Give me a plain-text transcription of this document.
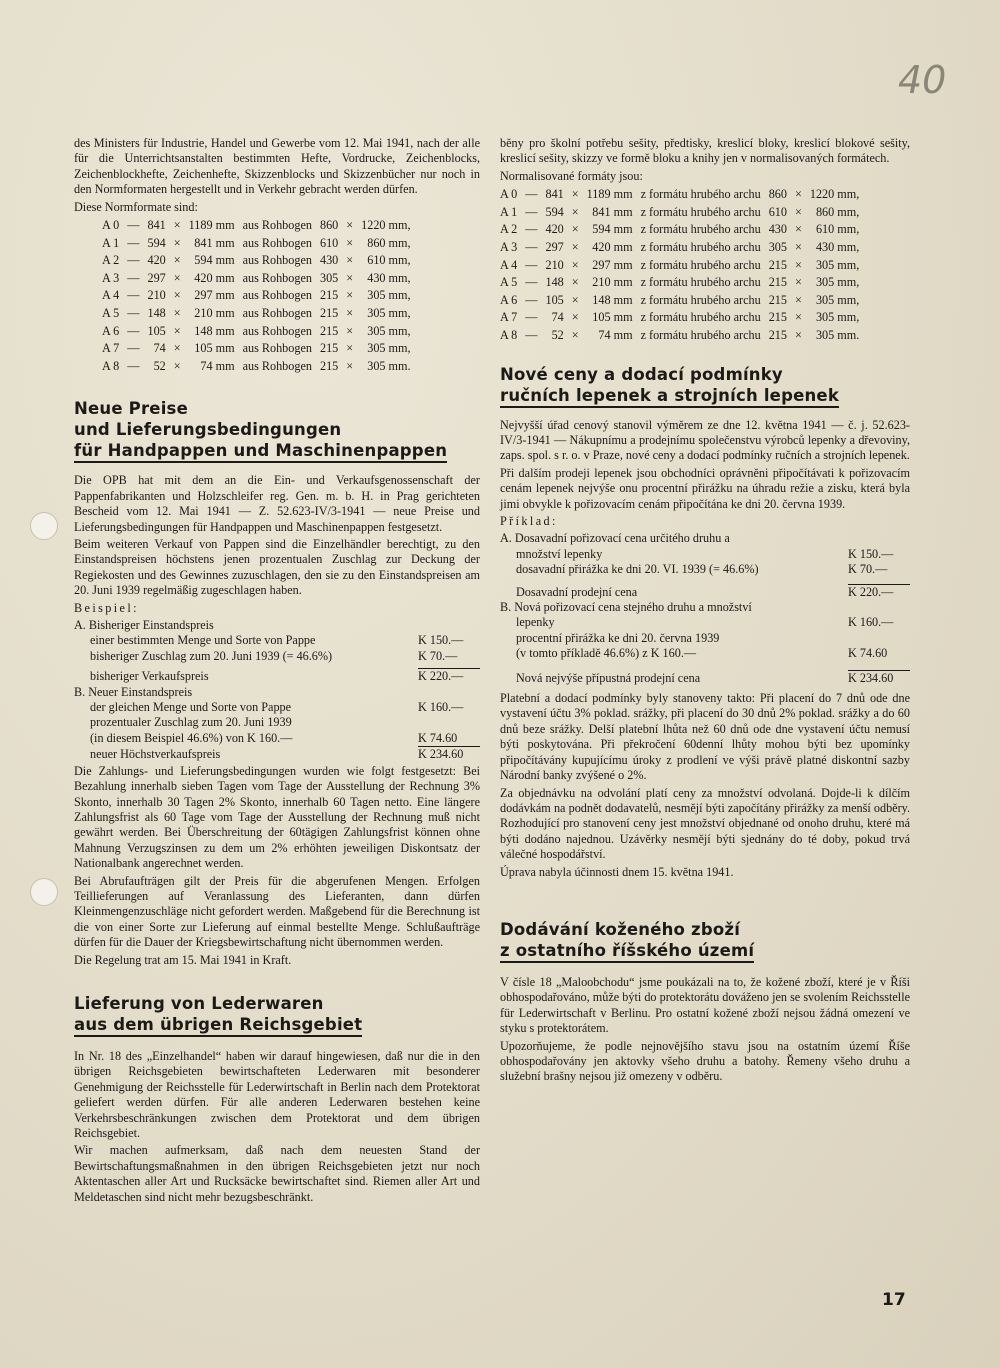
40

des Ministers für Industrie, Handel und Gewerbe vom 12. Mai 1941, nach der alle für die Unterrichtsanstalten bestimmten Hefte, Vordrucke, Zeichenblocks, Zeichenblockhefte, Zeichenhefte, Skizzenblocks und Skizzenbücher nur noch in den Normformaten hergestellt und in Verkehr gebracht werden dürfen.

Diese Normformate sind:

A 0	—	841	×	1189 mm	aus Rohbogen	860	×	1220 mm,
A 1	—	594	×	841 mm	aus Rohbogen	610	×	860 mm,
A 2	—	420	×	594 mm	aus Rohbogen	430	×	610 mm,
A 3	—	297	×	420 mm	aus Rohbogen	305	×	430 mm,
A 4	—	210	×	297 mm	aus Rohbogen	215	×	305 mm,
A 5	—	148	×	210 mm	aus Rohbogen	215	×	305 mm,
A 6	—	105	×	148 mm	aus Rohbogen	215	×	305 mm,
A 7	—	74	×	105 mm	aus Rohbogen	215	×	305 mm,
A 8	—	52	×	74 mm	aus Rohbogen	215	×	305 mm.

Neue Preise

und Lieferungsbedingungen

für Handpappen und Maschinenpappen

Die OPB hat mit dem an die Ein- und Verkaufsgenossenschaft der Pappenfabrikanten und Holzschleifer reg. Gen. m. b. H. in Prag gerichteten Bescheid vom 12. Mai 1941 — Z. 52.623-IV/3-1941 — neue Preise und Lieferungsbedingungen für Handpappen und Maschinenpappen festgesetzt.

Beim weiteren Verkauf von Pappen sind die Einzelhändler berechtigt, zu den Einstandspreisen höchstens jenen prozentualen Zuschlag zur Deckung der Regiekosten und des Gewinnes zuzuschlagen, den sie zu den Einstandspreisen am 20. Juni 1939 regelmäßig zugeschlagen haben.

Beispiel:

A. Bisheriger Einstandspreis
einer bestimmten Menge und Sorte von Pappe	K 150.—
bisheriger Zuschlag zum 20. Juni 1939 (= 46.6%)	K 70.—
bisheriger Verkaufspreis	K 220.—
B. Neuer Einstandspreis
der gleichen Menge und Sorte von Pappe	K 160.—
prozentualer Zuschlag zum 20. Juni 1939
(in diesem Beispiel 46.6%) von K 160.—	K 74.60
neuer Höchstverkaufspreis	K 234.60

Die Zahlungs- und Lieferungsbedingungen wurden wie folgt festgesetzt: Bei Bezahlung innerhalb sieben Tagen vom Tage der Ausstellung der Rechnung 3% Skonto, innerhalb 30 Tagen 2% Skonto, innerhalb 60 Tagen netto. Eine längere Zahlungsfrist als 60 Tage vom Tage der Ausstellung der Rechnung muß nicht gewährt werden. Bei Überschreitung der 60tägigen Zahlungsfrist können ohne Mahnung Verzugszinsen zu dem um 2% erhöhten jeweiligen Diskontsatz der Nationalbank angerechnet werden.

Bei Abrufaufträgen gilt der Preis für die abgerufenen Mengen. Erfolgen Teillieferungen auf Veranlassung des Lieferanten, dann dürfen Kleinmengenzuschläge nicht gefordert werden. Maßgebend für die Berechnung ist die von einer Sorte zur Lieferung auf einmal bestellte Menge. Schlußaufträge dürfen für die Dauer der Kriegsbewirtschaftung nicht übernommen werden.

Die Regelung trat am 15. Mai 1941 in Kraft.

Lieferung von Lederwaren

aus dem übrigen Reichsgebiet

In Nr. 18 des „Einzelhandel“ haben wir darauf hingewiesen, daß nur die in den übrigen Reichsgebieten bewirtschafteten Lederwaren mit besonderer Genehmigung der Reichsstelle für Lederwirtschaft in Berlin nach dem Protektorat geliefert werden dürfen. Für alle anderen Lederwaren bestehen keine Verkehrsbeschränkungen zwischen dem Protektorat und dem übrigen Reichsgebiet.

Wir machen aufmerksam, daß nach dem neuesten Stand der Bewirtschaftungsmaßnahmen in den übrigen Reichsgebieten jetzt nur noch Aktentaschen aller Art und Rucksäcke bewirtschaftet sind. Riemen aller Art und Meldetaschen sind nicht mehr bezugsbeschränkt.

běny pro školní potřebu sešity, předtisky, kreslicí bloky, kreslicí blokové sešity, kreslicí sešity, skizzy ve formě bloku a knihy jen v normalisovaných formátech.

Normalisované formáty jsou:

A 0	—	841	×	1189 mm	z formátu hrubého archu	860	×	1220 mm,
A 1	—	594	×	841 mm	z formátu hrubého archu	610	×	860 mm,
A 2	—	420	×	594 mm	z formátu hrubého archu	430	×	610 mm,
A 3	—	297	×	420 mm	z formátu hrubého archu	305	×	430 mm,
A 4	—	210	×	297 mm	z formátu hrubého archu	215	×	305 mm,
A 5	—	148	×	210 mm	z formátu hrubého archu	215	×	305 mm,
A 6	—	105	×	148 mm	z formátu hrubého archu	215	×	305 mm,
A 7	—	74	×	105 mm	z formátu hrubého archu	215	×	305 mm,
A 8	—	52	×	74 mm	z formátu hrubého archu	215	×	305 mm.

Nové ceny a dodací podmínky

ručních lepenek a strojních lepenek

Nejvyšší úřad cenový stanovil výměrem ze dne 12. května 1941 — č. j. 52.623-IV/3-1941 — Nákupnímu a prodejnímu společenstvu výrobců lepenky a dřevoviny, zaps. spol. s r. o. v Praze, nové ceny a dodací podmínky ručních a strojních lepenek.

Při dalším prodeji lepenek jsou obchodníci oprávněni připočítávati k pořizovacím cenám lepenek nejvýše onu procentní přirážku na úhradu režie a zisku, která byla jimi obvykle k pořizovacím cenám připočítána ke dni 20. června 1939.

Příklad:

A. Dosavadní pořizovací cena určitého druhu a
množství lepenky	K 150.—
dosavadní přirážka ke dni 20. VI. 1939 (= 46.6%)	K 70.—
Dosavadní prodejní cena	K 220.—
B. Nová pořizovací cena stejného druhu a množství
lepenky	K 160.—
procentní přirážka ke dni 20. června 1939
(v tomto příkladě 46.6%) z K 160.—	K 74.60
Nová nejvýše přípustná prodejní cena	K 234.60

Platební a dodací podmínky byly stanoveny takto: Při placení do 7 dnů ode dne vystavení účtu 3% poklad. srážky, při placení do 30 dnů 2% poklad. srážky a do 60 dnů beze srážky. Delší platební lhůta než 60 dnů ode dne vystavení účtu nemusí býti poskytována. Při překročení 60denní lhůty mohou býti bez upomínky připočítávány kupujícímu úroky z prodlení ve výši právě platné diskontní sazby Národní banky zvýšené o 2%.

Za objednávku na odvolání platí ceny za množství odvolaná. Dojde-li k dílčím dodávkám na podnět dodavatelů, nesmějí býti započítány přirážky za menší odběry. Rozhodující pro stanovení ceny jest množství objednané od onoho druhu, které má býti dodáno najednou. Uzávěrky nesmějí býti sjednány do té doby, pokud trvá válečné hospodářství.

Úprava nabyla účinnosti dnem 15. května 1941.

Dodávání koženého zboží

z ostatního říšského území

V čísle 18 „Maloobchodu“ jsme poukázali na to, že kožené zboží, které je v Říši obhospodařováno, může býti do protektorátu dováženo jen se svolením Reichsstelle für Lederwirtschaft v Berlinu. Pro ostatní kožené zboží nejsou žádná omezení ve styku s protektorátem.

Upozorňujeme, že podle nejnovějšího stavu jsou na ostatním území Říše obhospodařovány jen aktovky všeho druhu a batohy. Řemeny všeho druhu a služební brašny nejsou již omezeny v odběru.

17
